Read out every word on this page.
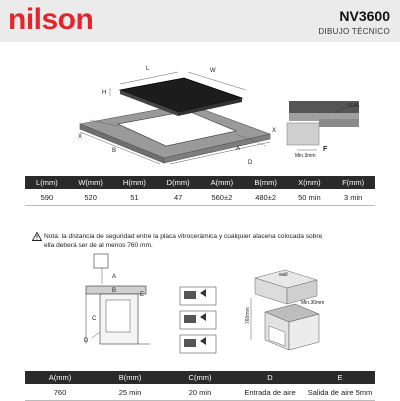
nilson	NV3600
DIBUJO TÉCNICO
L	W
H
D
A
B
X
X
SEAL
Min.3mm
F
L(mm)	W(mm)	H(mm)	D(mm)	A(mm)	B(mm)	X(mm)	F(mm)
590	520	51	47	560±2	480±2	50 min	3 min
Nota: la distancia de seguridad entre la placa vitrocerámica y cualquier alacena colocada sobre
ella deberá ser de al menos 760 mm.
A
B
C
D
E
wall
Min.30mm
760mm
A(mm)	B(mm)	C(mm)	D	E
760	25 min	20 min	Entrada de aire	Salida de aire 5mm
